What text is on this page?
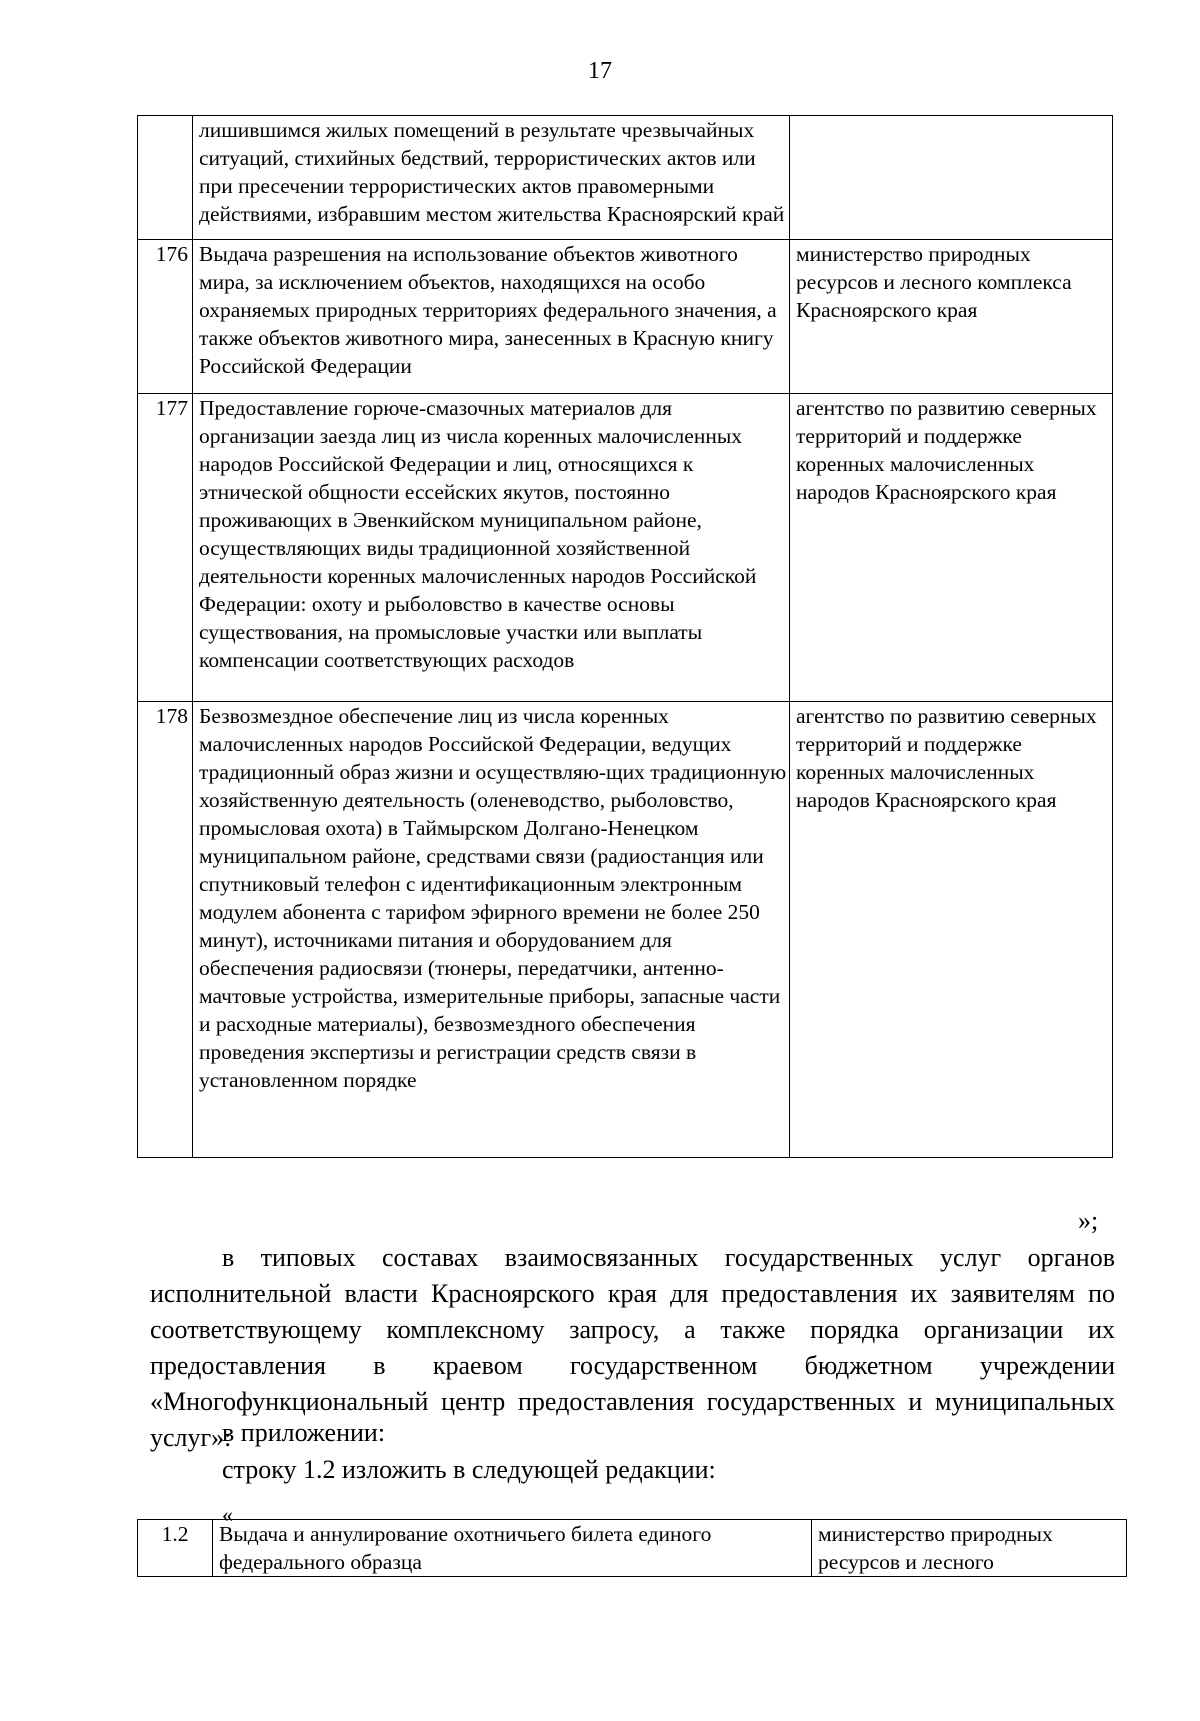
17
	лишившимся жилых помещений в результате чрезвычайных ситуаций, стихийных бедствий, террористических актов или при пресечении террористических актов правомерными действиями, избравшим местом жительства Красноярский край	
176	Выдача разрешения на использование объектов животного мира, за исключением объектов, находящихся на особо охраняемых природных территориях федерального значения, а также объектов животного мира, занесенных в Красную книгу Российской Федерации	министерство природных ресурсов и лесного комплекса Красноярского края
177	Предоставление горюче-смазочных материалов для организации заезда лиц из числа коренных малочисленных народов Российской Федерации и лиц, относящихся к этнической общности ессейских якутов, постоянно проживающих в Эвенкийском муниципальном районе, осуществляющих виды традиционной хозяйственной деятельности коренных малочисленных народов Российской Федерации: охоту и рыболовство в качестве основы существования, на промысловые участки или выплаты компенсации соответствующих расходов	агентство по развитию северных территорий и поддержке коренных малочисленных народов Красноярского края
178	Безвозмездное обеспечение лиц из числа коренных малочисленных народов Российской Федерации, ведущих традиционный образ жизни и осуществляю-щих традиционную хозяйственную деятельность (оленеводство, рыболовство, промысловая охота) в Таймырском Долгано-Ненецком муниципальном районе, средствами связи (радиостанция или спутниковый телефон с идентификационным электронным модулем абонента с тарифом эфирного времени не более 250 минут), источниками питания и оборудованием для обеспечения радиосвязи (тюнеры, передатчики, антенно-мачтовые устройства, измерительные приборы, запасные части и расходные материалы), безвозмездного обеспечения проведения экспертизы и регистрации средств связи в установленном порядке	агентство по развитию северных территорий и поддержке коренных малочисленных народов Красноярского края
»;
в типовых составах взаимосвязанных государственных услуг органов исполнительной власти Красноярского края для предоставления их заявителям по соответствующему комплексному запросу, а также порядка организации их предоставления в краевом государственном бюджетном учреждении «Многофункциональный центр предоставления государственных и муниципальных услуг»:
в приложении:
строку 1.2 изложить в следующей редакции:
«
1.2	Выдача и аннулирование охотничьего билета единого федерального образца	министерство природных ресурсов и лесного
